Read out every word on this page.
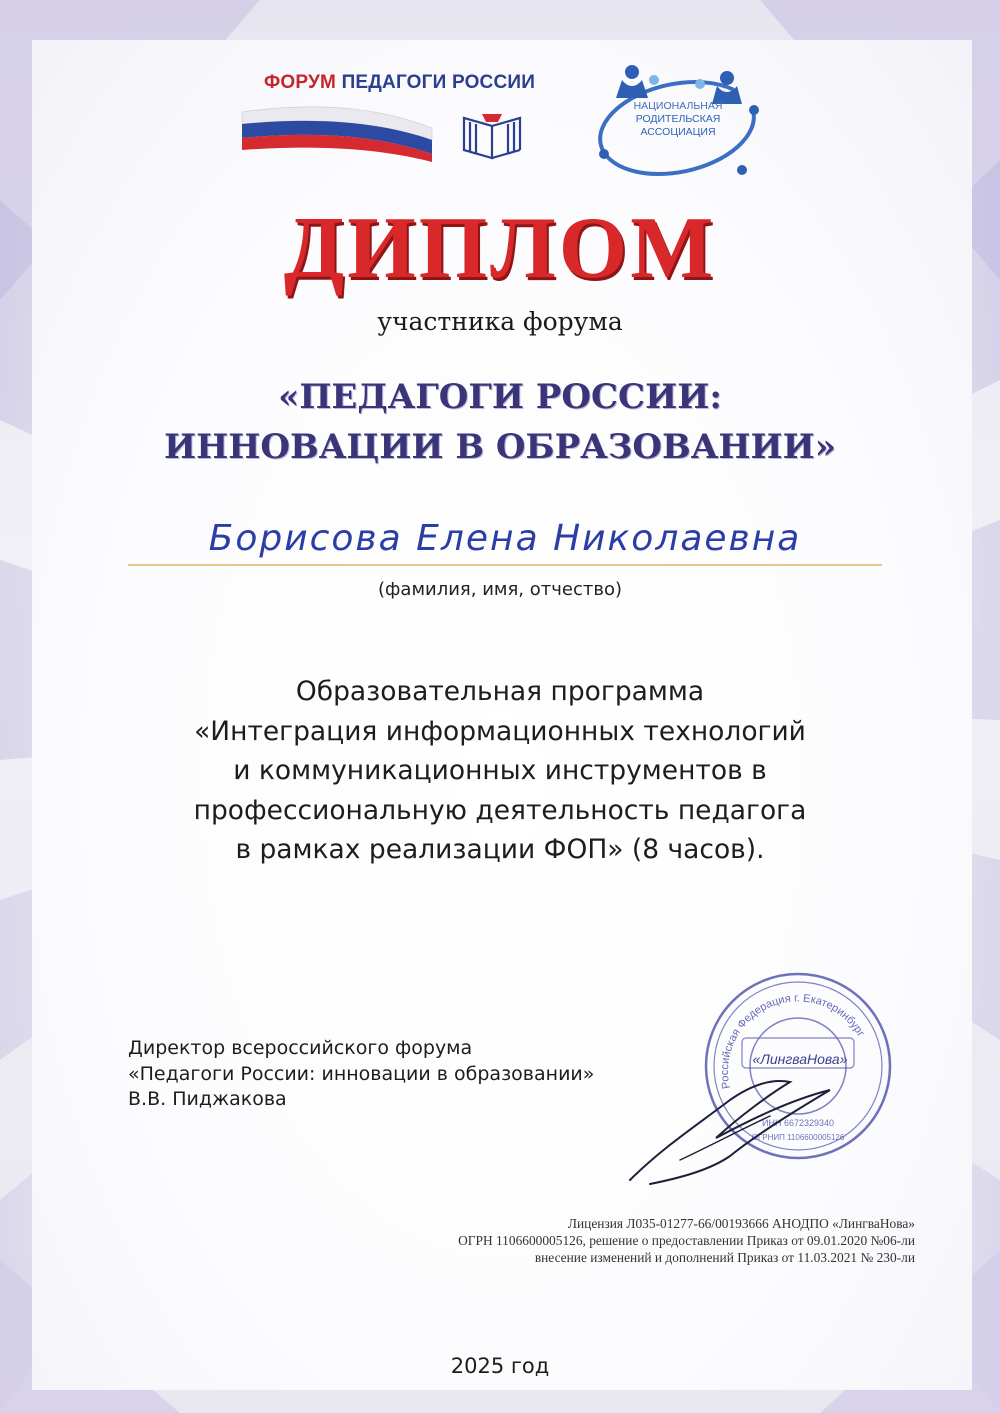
ФОРУМ ПЕДАГОГИ РОССИИ
НАЦИОНАЛЬНАЯ
РОДИТЕЛЬСКАЯ
АССОЦИАЦИЯ
ДИПЛОМ
участника форума
«ПЕДАГОГИ РОССИИ:
ИННОВАЦИИ В ОБРАЗОВАНИИ»
Борисова Елена Николаевна
(фамилия, имя, отчество)
Образовательная программа
«Интеграция информационных технологий
и коммуникационных инструментов в
профессиональную деятельность педагога
в рамках реализации ФОП» (8 часов).
Директор всероссийского форума
«Педагоги России: инновации в образовании»
В.В. Пиджакова
Российская Федерация г. Екатеринбург
ИНН 6672329340
ОГРНИП 1106600005126
«ЛингваНова»
Лицензия Л035-01277-66/00193666 АНОДПО «ЛингваНова»
ОГРН 1106600005126, решение о предоставлении Приказ от 09.01.2020 №06-ли
внесение изменений и дополнений Приказ от 11.03.2021 № 230-ли
2025 год
